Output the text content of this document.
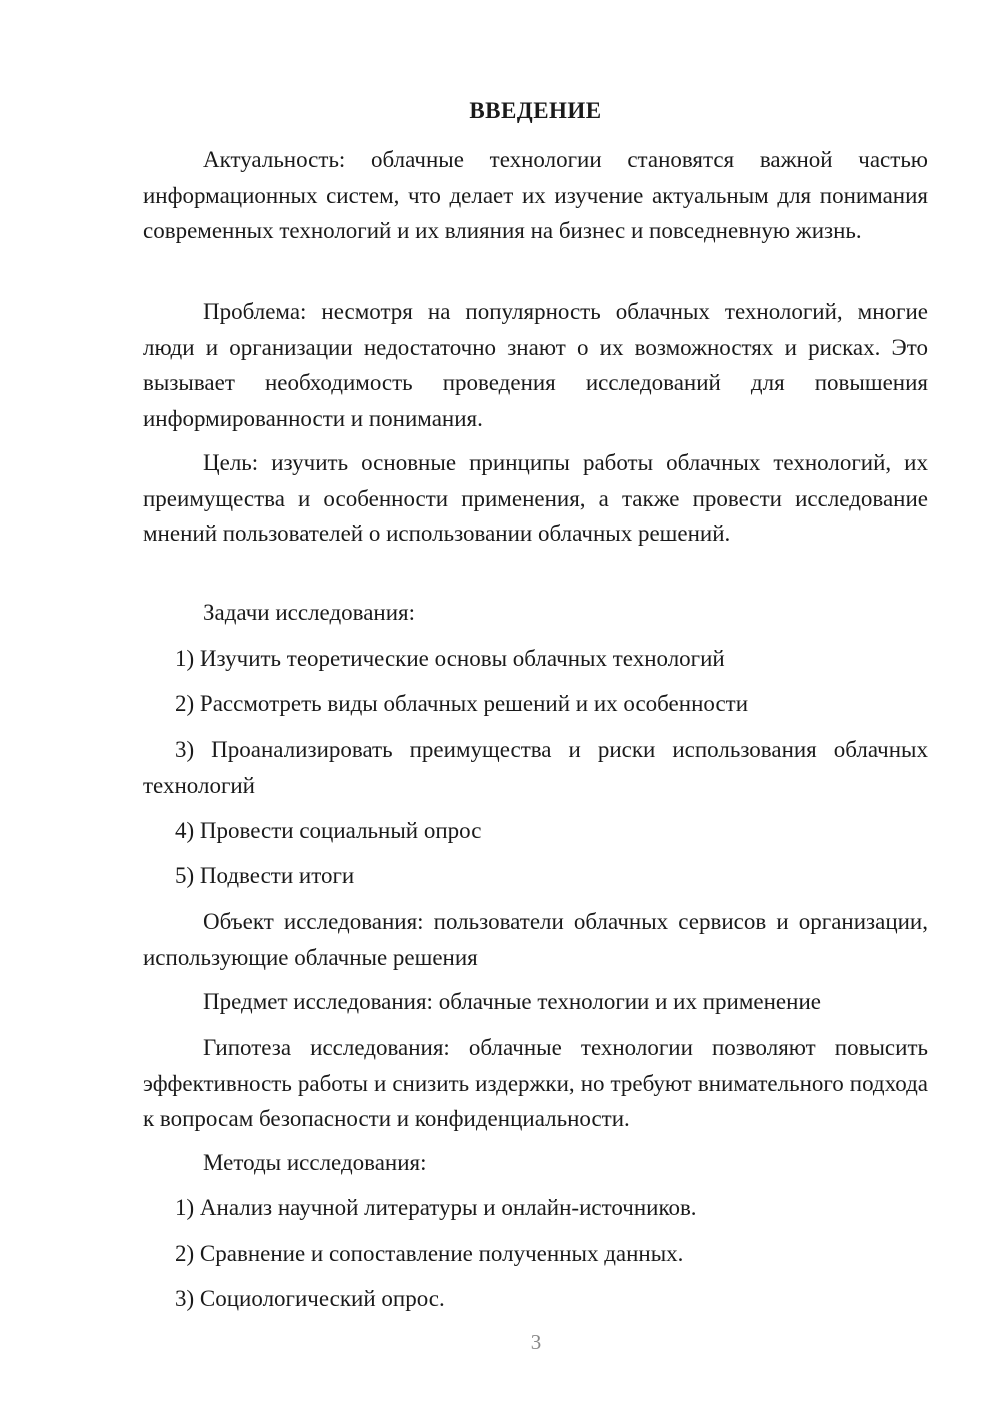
ВВЕДЕНИЕ

Актуальность: облачные технологии становятся важной частью информационных систем, что делает их изучение актуальным для понимания современных технологий и их влияния на бизнес и повседневную жизнь.

Проблема: несмотря на популярность облачных технологий, многие люди и организации недостаточно знают о их возможностях и рисках. Это вызывает необходимость проведения исследований для повышения информированности и понимания.

Цель: изучить основные принципы работы облачных технологий, их преимущества и особенности применения, а также провести исследование мнений пользователей о использовании облачных решений.

Задачи исследования:

1) Изучить теоретические основы облачных технологий

2) Рассмотреть виды облачных решений и их особенности

3) Проанализировать преимущества и риски использования облачных технологий

4) Провести социальный опрос

5) Подвести итоги

Объект исследования: пользователи облачных сервисов и организации, использующие облачные решения

Предмет исследования: облачные технологии и их применение

Гипотеза исследования: облачные технологии позволяют повысить эффективность работы и снизить издержки, но требуют внимательного подхода к вопросам безопасности и конфиденциальности.

Методы исследования:

1) Анализ научной литературы и онлайн-источников.

2) Сравнение и сопоставление полученных данных.

3) Социологический опрос.

3
